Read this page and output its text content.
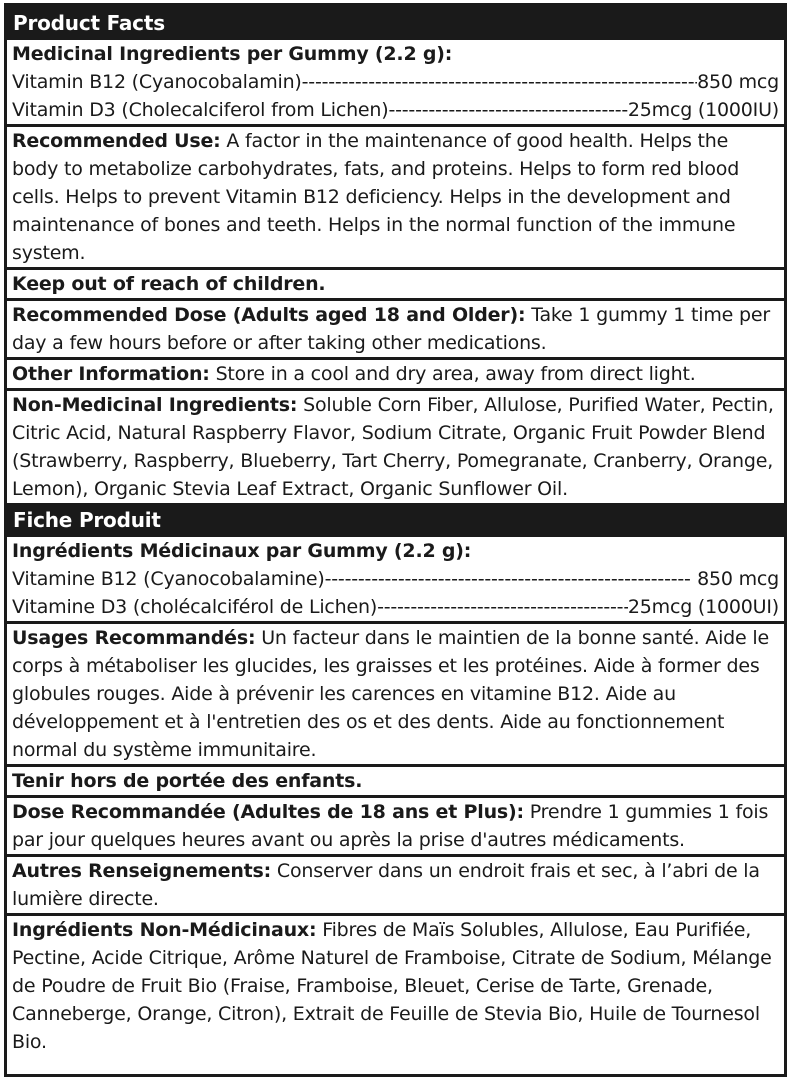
Product Facts
Medicinal Ingredients per Gummy (2.2 g):
Vitamin B12 (Cyanocobalamin) -----	850 mcg
Vitamin D3 (Cholecalciferol from Lichen) -----	25mcg (1000IU)

Recommended Use: A factor in the maintenance of good health. Helps the body to metabolize carbohydrates, fats, and proteins. Helps to form red blood cells. Helps to prevent Vitamin B12 deficiency. Helps in the development and maintenance of bones and teeth. Helps in the normal function of the immune system.

Keep out of reach of children.

Recommended Dose (Adults aged 18 and Older): Take 1 gummy 1 time per day a few hours before or after taking other medications.

Other Information: Store in a cool and dry area, away from direct light.

Non-Medicinal Ingredients: Soluble Corn Fiber, Allulose, Purified Water, Pectin, Citric Acid, Natural Raspberry Flavor, Sodium Citrate, Organic Fruit Powder Blend (Strawberry, Raspberry, Blueberry, Tart Cherry, Pomegranate, Cranberry, Orange, Lemon), Organic Stevia Leaf Extract, Organic Sunflower Oil.

Fiche Produit
Ingrédients Médicinaux par Gummy (2.2 g):
Vitamine B12 (Cyanocobalamine) -----	850 mcg
Vitamine D3 (cholécalciférol de Lichen) -----	25mcg (1000UI)

Usages Recommandés: Un facteur dans le maintien de la bonne santé. Aide le corps à métaboliser les glucides, les graisses et les protéines. Aide à former des globules rouges. Aide à prévenir les carences en vitamine B12. Aide au développement et à l'entretien des os et des dents. Aide au fonctionnement normal du système immunitaire.

Tenir hors de portée des enfants.

Dose Recommandée (Adultes de 18 ans et Plus): Prendre 1 gummies 1 fois par jour quelques heures avant ou après la prise d'autres médicaments.

Autres Renseignements: Conserver dans un endroit frais et sec, à l’abri de la lumière directe.

Ingrédients Non-Médicinaux: Fibres de Maïs Solubles, Allulose, Eau Purifiée, Pectine, Acide Citrique, Arôme Naturel de Framboise, Citrate de Sodium, Mélange de Poudre de Fruit Bio (Fraise, Framboise, Bleuet, Cerise de Tarte, Grenade, Canneberge, Orange, Citron), Extrait de Feuille de Stevia Bio, Huile de Tournesol Bio.
